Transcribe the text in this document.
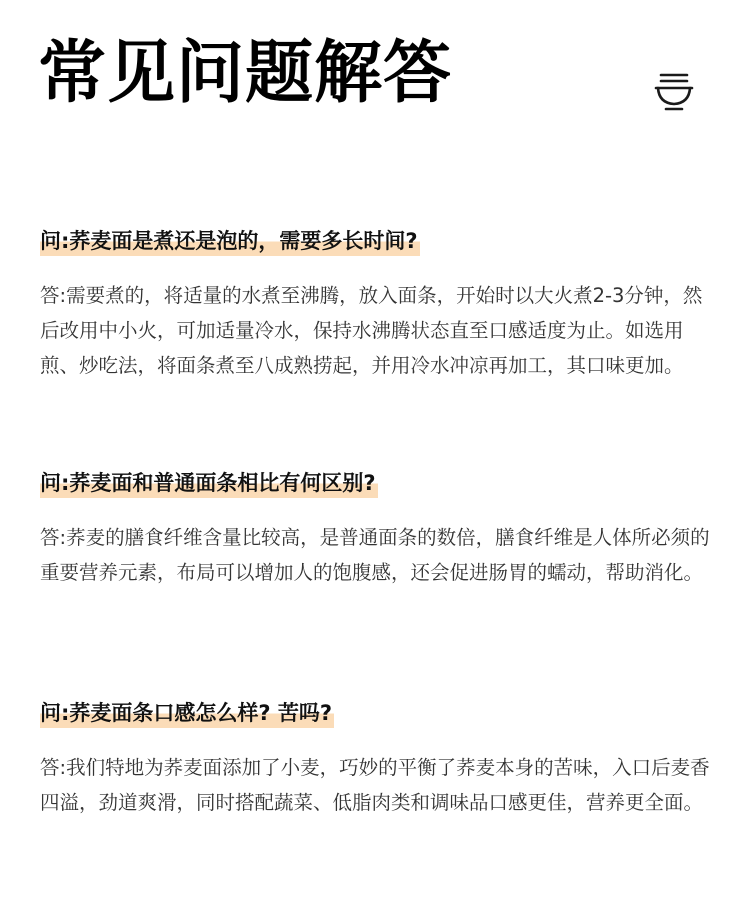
常见问题解答
问:荞麦面是煮还是泡的，需要多长时间?

答:需要煮的，将适量的水煮至沸腾，放入面条，开始时以大火煮2-3分钟，然后改用中小火，可加适量冷水，保持水沸腾状态直至口感适度为止。如选用煎、炒吃法，将面条煮至八成熟捞起，并用冷水冲凉再加工，其口味更加。

问:荞麦面和普通面条相比有何区别?

答:荞麦的膳食纤维含量比较高，是普通面条的数倍，膳食纤维是人体所必须的重要营养元素，布局可以增加人的饱腹感，还会促进肠胃的蠕动，帮助消化。

问:荞麦面条口感怎么样? 苦吗?

答:我们特地为荞麦面添加了小麦，巧妙的平衡了荞麦本身的苦味，入口后麦香四溢，劲道爽滑，同时搭配蔬菜、低脂肉类和调味品口感更佳，营养更全面。
